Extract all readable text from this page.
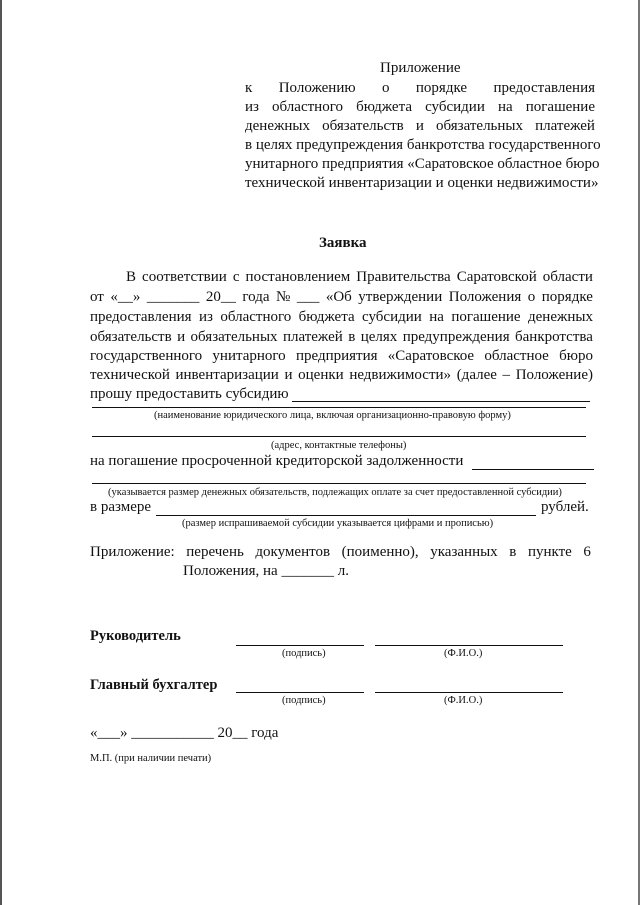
Приложение
к Положению о порядке предоставления
из областного бюджета субсидии на погашение
денежных обязательств и обязательных платежей
в целях предупреждения банкротства государственного
унитарного предприятия «Саратовское областное бюро
технической инвентаризации и оценки недвижимости»
Заявка
В соответствии с постановлением Правительства Саратовской области
от «__» _______ 20__ года № ___ «Об утверждении Положения о порядке
предоставления из областного бюджета субсидии на погашение денежных
обязательств и обязательных платежей в целях предупреждения банкротства
государственного унитарного предприятия «Саратовское областное бюро
технической инвентаризации и оценки недвижимости» (далее – Положение)
прошу предоставить субсидию
(наименование юридического лица, включая организационно-правовую форму)
(адрес, контактные телефоны)
на погашение просроченной кредиторской задолженности
(указывается размер денежных обязательств, подлежащих оплате за счет предоставленной субсидии)
в размере	рублей.
(размер испрашиваемой субсидии указывается цифрами и прописью)
Приложение: перечень документов (поименно), указанных в пункте 6
Положения, на _______ л.
Руководитель
(подпись)	(Ф.И.О.)
Главный бухгалтер
(подпись)	(Ф.И.О.)
«___» ___________ 20__ года
М.П. (при наличии печати)
